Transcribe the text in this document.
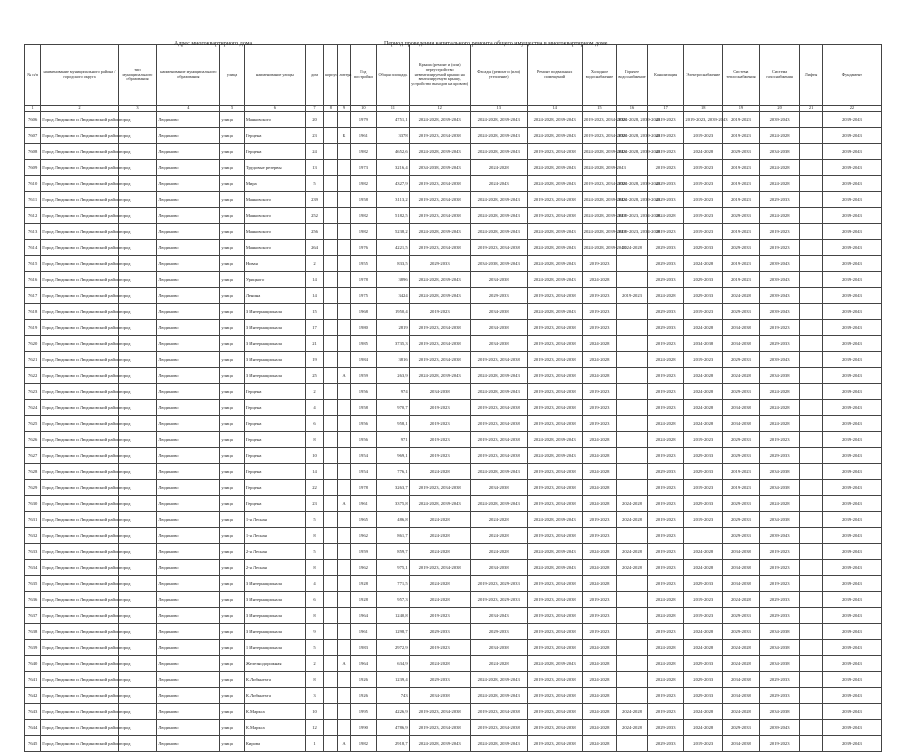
Адрес многоквартирного дома	Период проведения капитального ремонта общего имущества в многоквартирном доме
№ п/п	наименование муниципального района / городского округа	тип муниципального образования	наименование муниципального образования	улица	наименование улицы	дом	корпус	литера	Год постройки	Общая площадь	Крыша (ремонт и (или) переустройство невентилируемой крыши на вентилируемую крышу, устройство выходов на кровлю)	Фасады (ремонт и (или) утепление)	Ремонт подвальных помещений	Холодное водоснабжение	Горячее водоснабжение	Канализация	Электроснабжение	Система теплоснабжения	Система газоснабжения	Лифты	Фундамент
1	2	3	4	5	6	7	8	9	10	11	12	13	14	15	16	17	18	19	20	21	22
7606	Город Людиново и Людиновский район	город	Людиново	улица	Маяковского	20			1979	4751,1	2024-2028, 2039-2043	2024-2028, 2039-2043	2024-2028, 2039-2043	2019-2023, 2034-2038	2024-2028, 2039-2043	2019-2023	2019-2023, 2039-2043	2019-2023	2039-2043		2039-2043
7607	Город Людиново и Людиновский район	город	Людиново	улица	Герцена	23		Б	1961	3378	2019-2023, 2034-2038	2024-2028, 2039-2043	2024-2028, 2039-2043	2019-2023, 2034-2038	2024-2028, 2039-2043	2019-2023	2019-2023	2019-2023	2024-2028		2039-2043
7608	Город Людиново и Людиновский район	город	Людиново	улица	Герцена	24			1982	4652,6	2024-2028, 2039-2043	2024-2028, 2039-2043	2019-2023, 2034-2038	2024-2028, 2039-2043	2024-2028, 2039-2043	2019-2023	2024-2028	2029-2033	2034-2038		2039-2043
7609	Город Людиново и Людиновский район	город	Людиново	улица	Трудовые резервы	13			1973	3216,4	2034-2038, 2039-2043	2024-2028	2024-2028, 2039-2043	2024-2028, 2039-2043		2019-2023	2019-2023	2019-2023	2024-2028		2039-2043
7610	Город Людиново и Людиновский район	город	Людиново	улица	Мира	5			1982	4327,9	2019-2023, 2034-2038	2024-2043	2024-2028, 2039-2043	2019-2023, 2034-2038	2024-2028, 2039-2043	2029-2033	2019-2023	2019-2023	2024-2028		2039-2043
7611	Город Людиново и Людиновский район	город	Людиново	улица	Маяковского	239			1958	3113,2	2019-2023, 2034-2038	2024-2028, 2039-2043	2019-2023, 2034-2038	2024-2028, 2039-2043	2024-2028, 2039-2043	2029-2033	2019-2023	2019-2023	2029-2033		2039-2043
7612	Город Людиново и Людиновский район	город	Людиново	улица	Маяковского	252			1982	5182,5	2019-2023, 2034-2038	2024-2028, 2039-2043	2019-2023, 2034-2038	2024-2028, 2039-2043	2019-2023, 2034-2038	2024-2028	2019-2023	2029-2033	2024-2028		2039-2043
7613	Город Людиново и Людиновский район	город	Людиново	улица	Маяковского	256			1982	5238,2	2024-2028, 2039-2043	2024-2028, 2039-2043	2024-2028, 2039-2043	2024-2028, 2039-2043	2019-2023, 2034-2038	2019-2023	2019-2023	2019-2023	2019-2023		2039-2043
7614	Город Людиново и Людиновский район	город	Людиново	улица	Маяковского	264			1976	4221,5	2019-2023, 2034-2038	2019-2023, 2034-2038	2024-2028, 2039-2043	2024-2028, 2039-2043	2024-2028	2029-2033	2029-2033	2029-2033	2019-2023		2039-2043
7615	Город Людиново и Людиновский район	город	Людиново	улица	Новая	2			1955	833,5	2029-2033	2034-2038, 2039-2043	2024-2028, 2039-2043	2019-2023		2029-2033	2024-2028	2019-2023	2039-2043		2039-2043
7616	Город Людиново и Людиновский район	город	Людиново	улица	Урицкого	14			1978	3896	2024-2028, 2039-2043	2034-2038	2024-2028, 2039-2043	2024-2028		2029-2033	2029-2033	2019-2023	2039-2043		2039-2043
7617	Город Людиново и Людиновский район	город	Людиново	улица	Ленина	14			1975	3424	2024-2028, 2039-2043	2029-2033	2019-2023, 2034-2038	2019-2023	2019-2023	2024-2028	2029-2033	2024-2028	2039-2043		2039-2043
7618	Город Людиново и Людиновский район	город	Людиново	улица	3 Интернационала	15			1968	1950,4	2019-2023	2034-2038	2024-2028, 2039-2043	2019-2023		2029-2033	2019-2023	2029-2033	2039-2043		2039-2043
7619	Город Людиново и Людиновский район	город	Людиново	улица	3 Интернационала	17			1980	2819	2019-2023, 2034-2038	2034-2038	2019-2023, 2034-2038	2019-2023		2029-2033	2024-2028	2034-2038	2019-2023		2039-2043
7620	Город Людиново и Людиновский район	город	Людиново	улица	3 Интернационала	21			1985	3735,3	2019-2023, 2034-2038	2034-2038	2019-2023, 2034-2038	2024-2028		2019-2023	2034-2038	2034-2038	2029-2033		2039-2043
7621	Город Людиново и Людиновский район	город	Людиново	улица	3 Интернационала	19			1984	3816	2019-2023, 2034-2038	2019-2023, 2034-2038	2019-2023, 2034-2038	2024-2028		2024-2028	2019-2023	2029-2033	2039-2043		2039-2043
7622	Город Людиново и Людиновский район	город	Людиново	улица	3 Интернационала	25		А	1959	263,9	2024-2028, 2039-2043	2024-2028, 2039-2043	2019-2023, 2034-2038	2024-2028		2019-2023	2024-2028	2024-2028	2034-2038		2039-2043
7623	Город Людиново и Людиновский район	город	Людиново	улица	Герцена	2			1956	974	2034-2038	2024-2028, 2039-2043	2019-2023, 2034-2038	2019-2023		2019-2023	2024-2028	2029-2033	2024-2028		2039-2043
7624	Город Людиново и Людиновский район	город	Людиново	улица	Герцена	4			1958	970,7	2019-2023	2019-2023, 2034-2038	2019-2023, 2034-2038	2019-2023		2019-2023	2024-2028	2034-2038	2024-2028		2039-2043
7625	Город Людиново и Людиновский район	город	Людиново	улица	Герцена	6			1956	958,1	2019-2023	2019-2023, 2034-2038	2019-2023, 2034-2038	2019-2023		2024-2028	2024-2028	2034-2038	2024-2028		2039-2043
7626	Город Людиново и Людиновский район	город	Людиново	улица	Герцена	8			1956	971	2019-2023	2019-2023, 2034-2038	2024-2028, 2039-2043	2024-2028		2024-2028	2019-2023	2029-2033	2019-2023		2039-2043
7627	Город Людиново и Людиновский район	город	Людиново	улица	Герцена	10			1954	969,1	2019-2023	2019-2023, 2034-2038	2024-2028, 2039-2043	2024-2028		2019-2023	2029-2033	2029-2033	2029-2033		2039-2043
7628	Город Людиново и Людиновский район	город	Людиново	улица	Герцена	14			1954	776,1	2024-2028	2024-2028, 2039-2043	2019-2023, 2034-2038	2024-2028		2029-2033	2029-2033	2019-2023	2034-2038		2039-2043
7629	Город Людиново и Людиновский район	город	Людиново	улица	Герцена	22			1978	3263,7	2019-2023, 2034-2038	2034-2038	2019-2023, 2034-2038	2024-2028		2019-2023	2019-2023	2019-2023	2034-2038		2039-2043
7630	Город Людиново и Людиновский район	город	Людиново	улица	Герцена	23		А	1961	3375,8	2024-2028, 2039-2043	2024-2028, 2039-2043	2019-2023, 2034-2038	2024-2028	2024-2028	2019-2023	2029-2033	2029-2033	2024-2028		2039-2043
7631	Город Людиново и Людиновский район	город	Людиново	улица	1-я Лесная	5			1965	486,8	2024-2028	2024-2028	2024-2028, 2039-2043	2019-2023	2024-2028	2019-2023	2019-2023	2029-2033	2034-2038		2039-2043
7632	Город Людиново и Людиновский район	город	Людиново	улица	1-я Лесная	8			1962	861,7	2024-2028	2024-2028	2019-2023, 2034-2038	2019-2023		2019-2023		2029-2033	2039-2043		2039-2043
7633	Город Людиново и Людиновский район	город	Людиново	улица	2-я Лесная	5			1959	859,7	2024-2028	2024-2028	2024-2028, 2039-2043	2024-2028	2024-2028	2019-2023	2024-2028	2034-2038	2019-2023		2039-2043
7634	Город Людиново и Людиновский район	город	Людиново	улица	2-я Лесная	8			1962	975,1	2019-2023, 2034-2038	2034-2038	2024-2028, 2039-2043	2024-2028	2024-2028	2019-2023	2024-2028	2034-2038	2019-2023		2039-2043
7635	Город Людиново и Людиновский район	город	Людиново	улица	3 Интернационала	4			1928	771,5	2024-2028	2019-2023, 2029-2033	2019-2023, 2034-2038	2024-2028		2019-2023	2029-2033	2034-2038	2019-2023		2039-2043
7636	Город Людиново и Людиновский район	город	Людиново	улица	3 Интернационала	6			1928	957,3	2024-2028	2019-2023, 2029-2033	2019-2023, 2034-2038	2019-2023		2024-2028	2019-2023	2024-2028	2029-2033		2039-2043
7637	Город Людиново и Людиновский район	город	Людиново	улица	3 Интернационала	8			1964	1240,8	2019-2023	2034-2043	2019-2023, 2034-2038	2019-2023		2024-2028	2019-2023	2029-2033	2029-2033		2039-2043
7638	Город Людиново и Людиновский район	город	Людиново	улица	3 Интернационала	9			1961	1298,7	2029-2033	2029-2033	2019-2023, 2034-2038	2019-2023		2019-2023	2024-2028	2029-2033	2034-2038		2039-2043
7639	Город Людиново и Людиновский район	город	Людиново	улица	1 Интернационала	5			1983	2972,9	2019-2023	2034-2038	2019-2023, 2034-2038	2024-2028		2024-2028	2024-2028	2024-2028	2034-2038		2039-2043
7640	Город Людиново и Людиновский район	город	Людиново	улица	Железнодорожная	2		А	1964	634,9	2024-2028	2024-2028	2024-2028, 2039-2043	2024-2028		2024-2028	2029-2033	2024-2028	2034-2038		2039-2043
7641	Город Людиново и Людиновский район	город	Людиново	улица	К.Либкнехта	8			1926	1239,4	2029-2033	2024-2028, 2039-2043	2019-2023, 2034-2038	2024-2028		2024-2028	2029-2033	2034-2038	2029-2033		2039-2043
7642	Город Людиново и Людиновский район	город	Людиново	улица	К.Либкнехта	3			1926	743	2034-2038	2024-2028, 2039-2043	2019-2023, 2034-2038	2024-2028		2019-2023	2029-2033	2034-2038	2029-2033		2039-2043
7643	Город Людиново и Людиновский район	город	Людиново	улица	К.Маркса	10			1995	4226,9	2019-2023, 2034-2038	2019-2023, 2034-2038	2019-2023, 2034-2038	2024-2028	2024-2028	2019-2023	2024-2028	2024-2028	2034-2038		2039-2043
7644	Город Людиново и Людиновский район	город	Людиново	улица	К.Маркса	12			1990	4786,9	2019-2023, 2034-2038	2019-2023, 2034-2038	2019-2023, 2034-2038	2024-2028	2024-2028	2029-2033	2024-2028	2029-2033	2039-2043		2039-2043
7645	Город Людиново и Людиновский район	город	Людиново	улица	Кирова	1		А	1982	2918,7	2024-2028, 2039-2043	2024-2028, 2039-2043	2019-2023, 2034-2038	2024-2028		2029-2033	2019-2023	2034-2038	2019-2023		2039-2043
